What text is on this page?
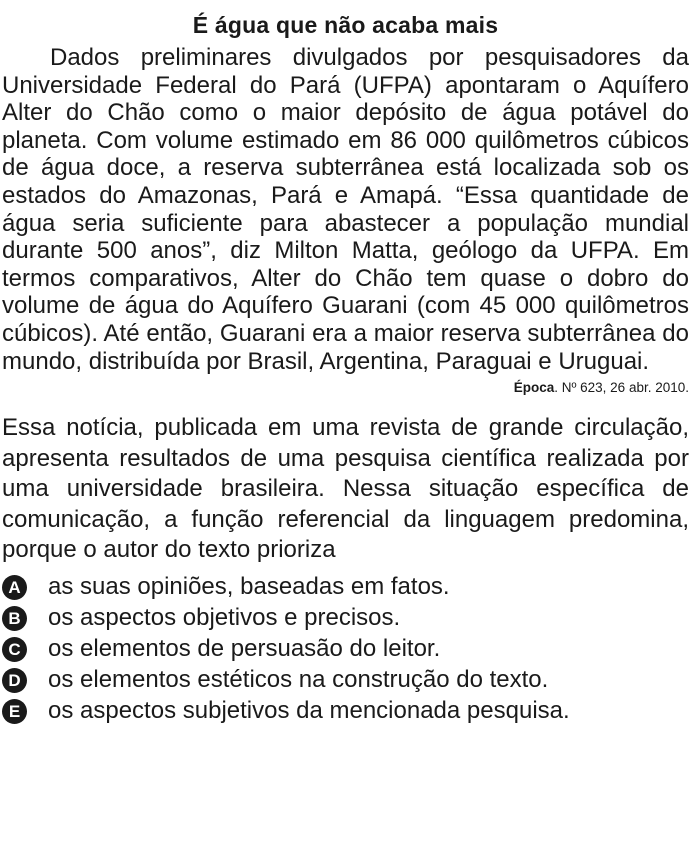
É água que não acaba mais

Dados preliminares divulgados por pesquisadores da Universidade Federal do Pará (UFPA) apontaram o Aquífero Alter do Chão como o maior depósito de água potável do planeta. Com volume estimado em 86 000 quilômetros cúbicos de água doce, a reserva subterrânea está localizada sob os estados do Amazonas, Pará e Amapá. “Essa quantidade de água seria suficiente para abastecer a população mundial durante 500 anos”, diz Milton Matta, geólogo da UFPA. Em termos comparativos, Alter do Chão tem quase o dobro do volume de água do Aquífero Guarani (com 45 000 quilômetros cúbicos). Até então, Guarani era a maior reserva subterrânea do mundo, distribuída por Brasil, Argentina, Paraguai e Uruguai.

Época. Nº 623, 26 abr. 2010.

Essa notícia, publicada em uma revista de grande circulação, apresenta resultados de uma pesquisa científica realizada por uma universidade brasileira. Nessa situação específica de comunicação, a função referencial da linguagem predomina, porque o autor do texto prioriza

A as suas opiniões, baseadas em fatos.
B os aspectos objetivos e precisos.
C os elementos de persuasão do leitor.
D os elementos estéticos na construção do texto.
E os aspectos subjetivos da mencionada pesquisa.
